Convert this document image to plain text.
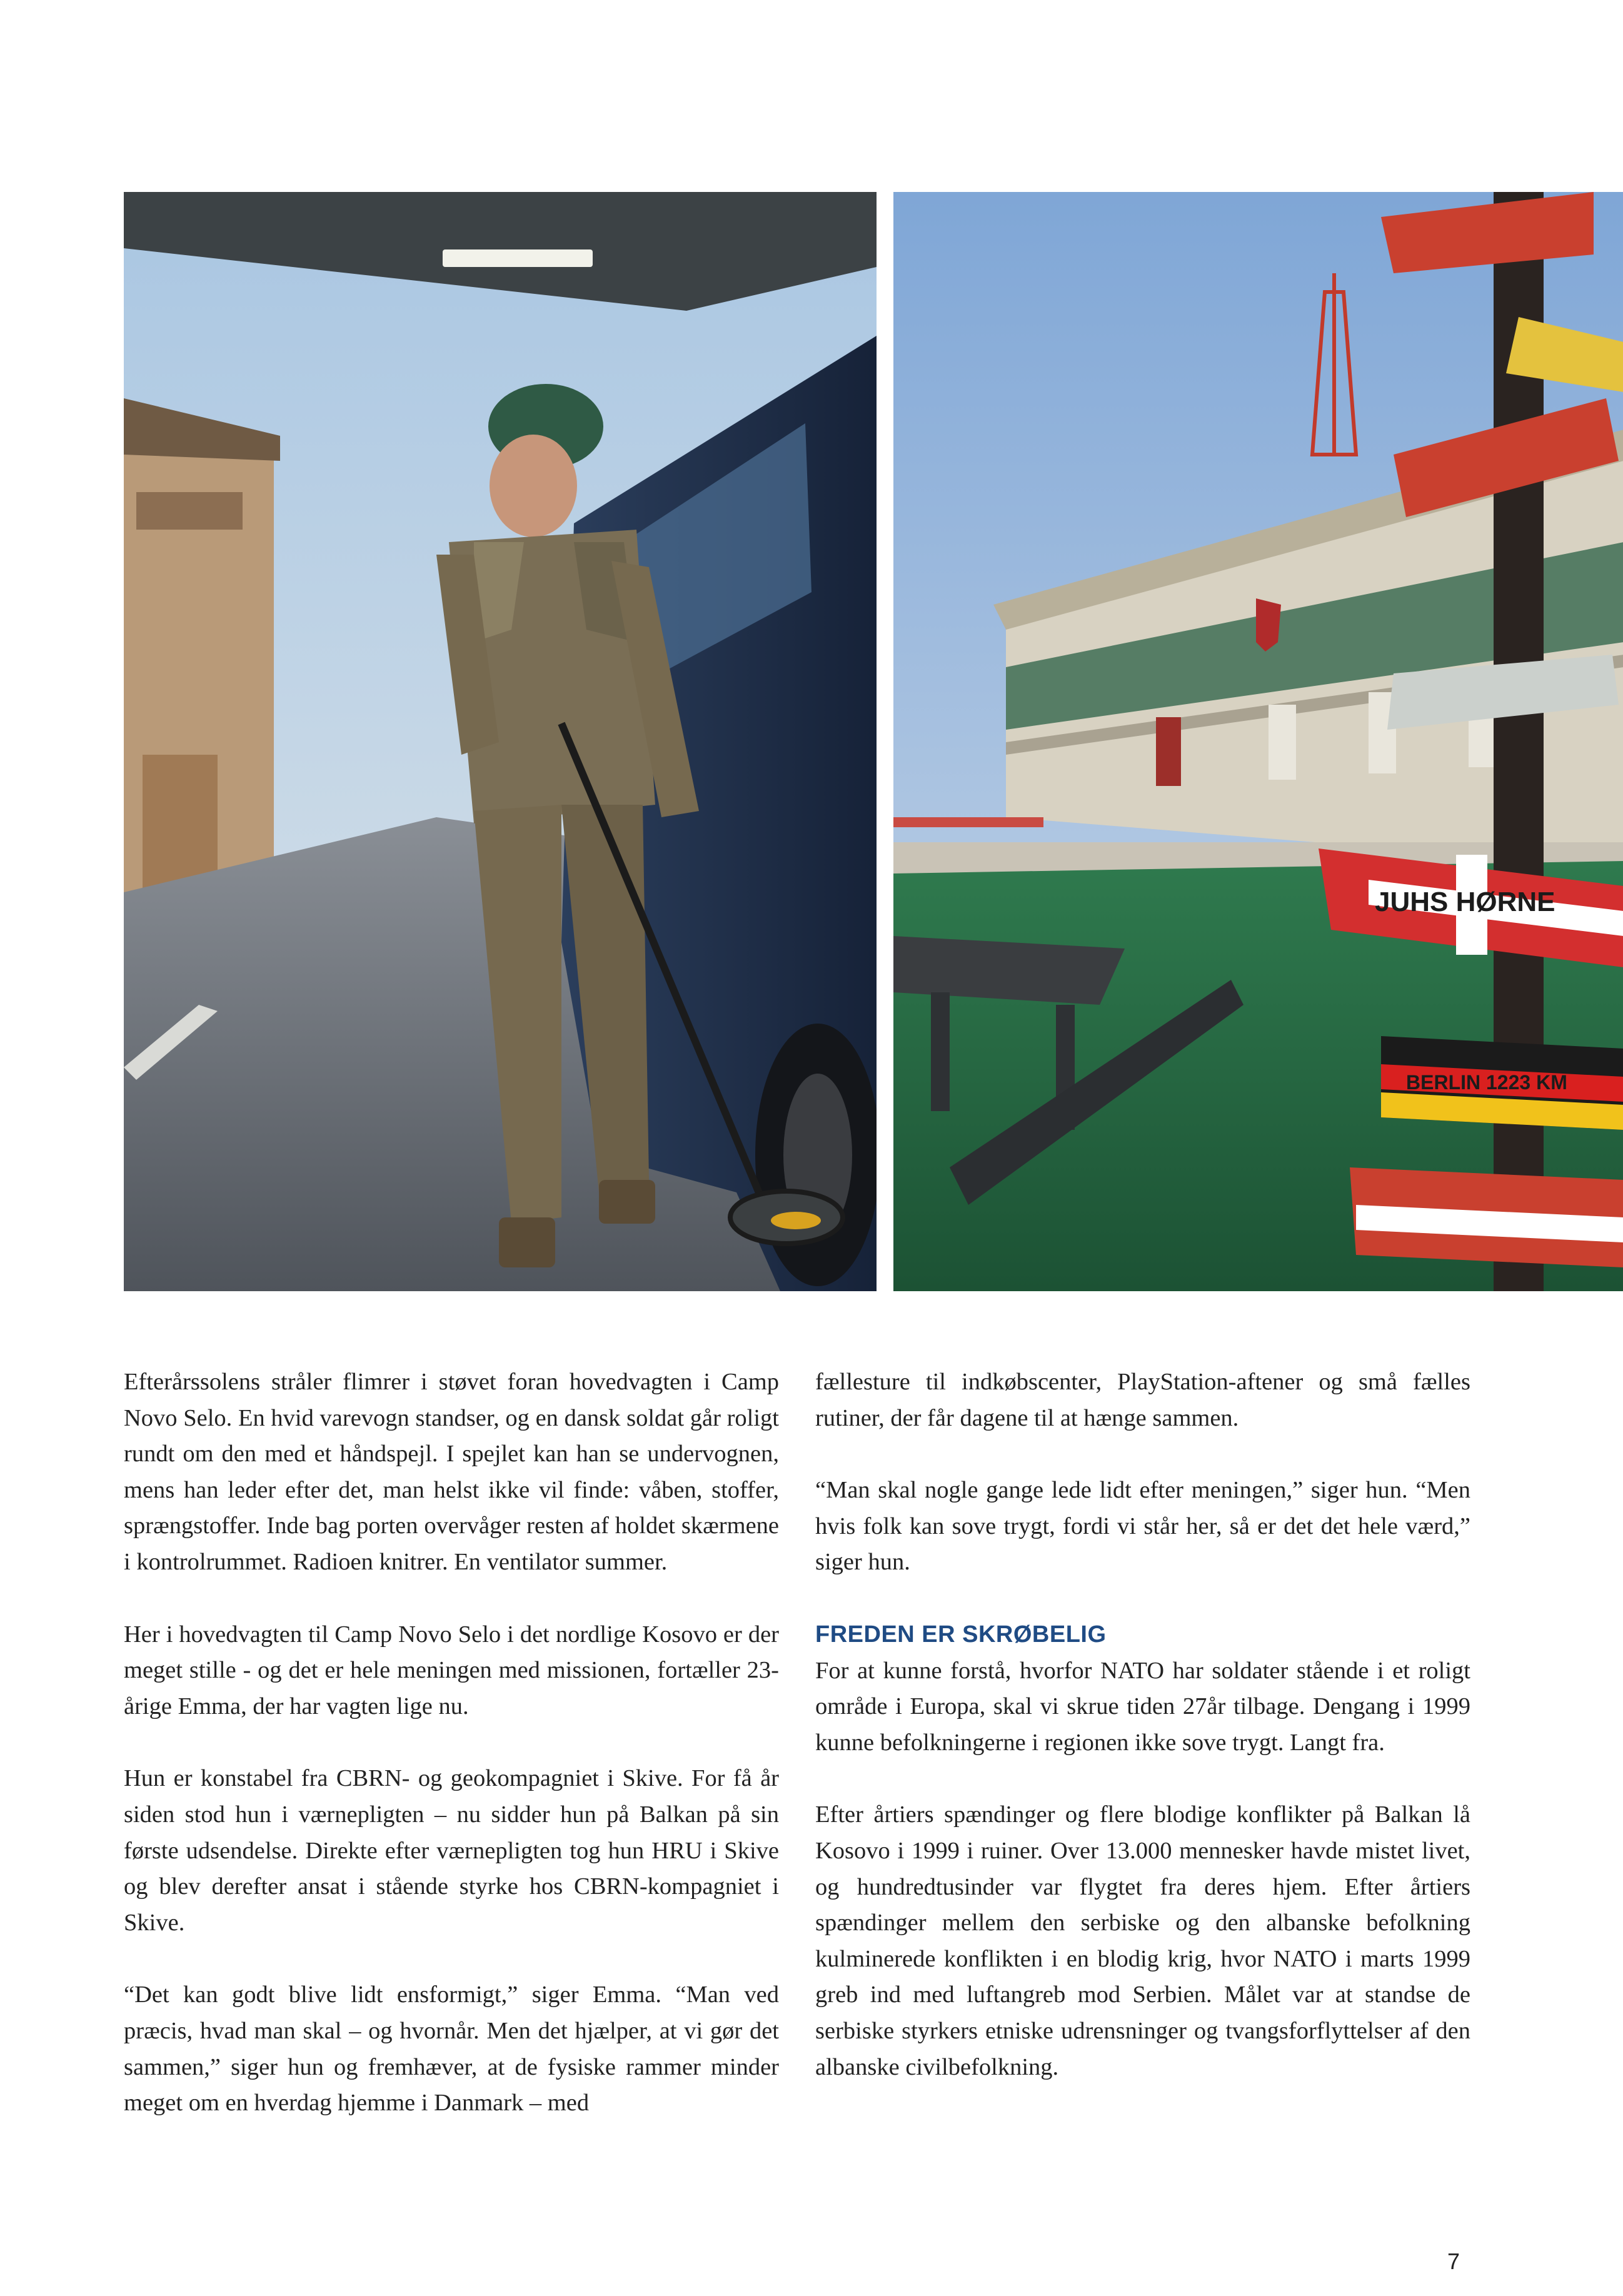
JUHS HØRNE
BERLIN 1223 KM

Efterårssolens stråler flimrer i støvet foran hovedvagten i Camp Novo Selo. En hvid varevogn standser, og en dansk soldat går roligt rundt om den med et håndspejl. I spejlet kan han se undervognen, mens han leder efter det, man helst ikke vil finde: våben, stoffer, sprængstoffer. Inde bag porten overvåger resten af holdet skærmene i kontrolrummet. Radioen knitrer. En ventilator summer.

Her i hovedvagten til Camp Novo Selo i det nordlige Kosovo er der meget stille - og det er hele meningen med missionen, fortæller 23-årige Emma, der har vagten lige nu.

Hun er konstabel fra CBRN- og geokompagniet i Skive. For få år siden stod hun i værnepligten – nu sidder hun på Balkan på sin første udsendelse. Direkte efter værnepligten tog hun HRU i Skive og blev derefter ansat i stående styrke hos CBRN-kompagniet i Skive.

“Det kan godt blive lidt ensformigt,” siger Emma. “Man ved præcis, hvad man skal – og hvornår. Men det hjælper, at vi gør det sammen,” siger hun og fremhæver, at de fysiske rammer minder meget om en hverdag hjemme i Danmark – med

fællesture til indkøbscenter, PlayStation-aftener og små fælles rutiner, der får dagene til at hænge sammen.

“Man skal nogle gange lede lidt efter meningen,” siger hun. “Men hvis folk kan sove trygt, fordi vi står her, så er det det hele værd,” siger hun.

FREDEN ER SKRØBELIG

For at kunne forstå, hvorfor NATO har soldater stående i et roligt område i Europa, skal vi skrue tiden 27år tilbage. Dengang i 1999 kunne befolkningerne i regionen ikke sove trygt. Langt fra.

Efter årtiers spændinger og flere blodige konflikter på Balkan lå Kosovo i 1999 i ruiner. Over 13.000 mennesker havde mistet livet, og hundredtusinder var flygtet fra deres hjem. Efter årtiers spændinger mellem den serbiske og den albanske befolkning kulminerede konflikten i en blodig krig, hvor NATO i marts 1999 greb ind med luftangreb mod Serbien. Målet var at standse de serbiske styrkers etniske udrensninger og tvangsforflyttelser af den albanske civilbefolkning.

7
